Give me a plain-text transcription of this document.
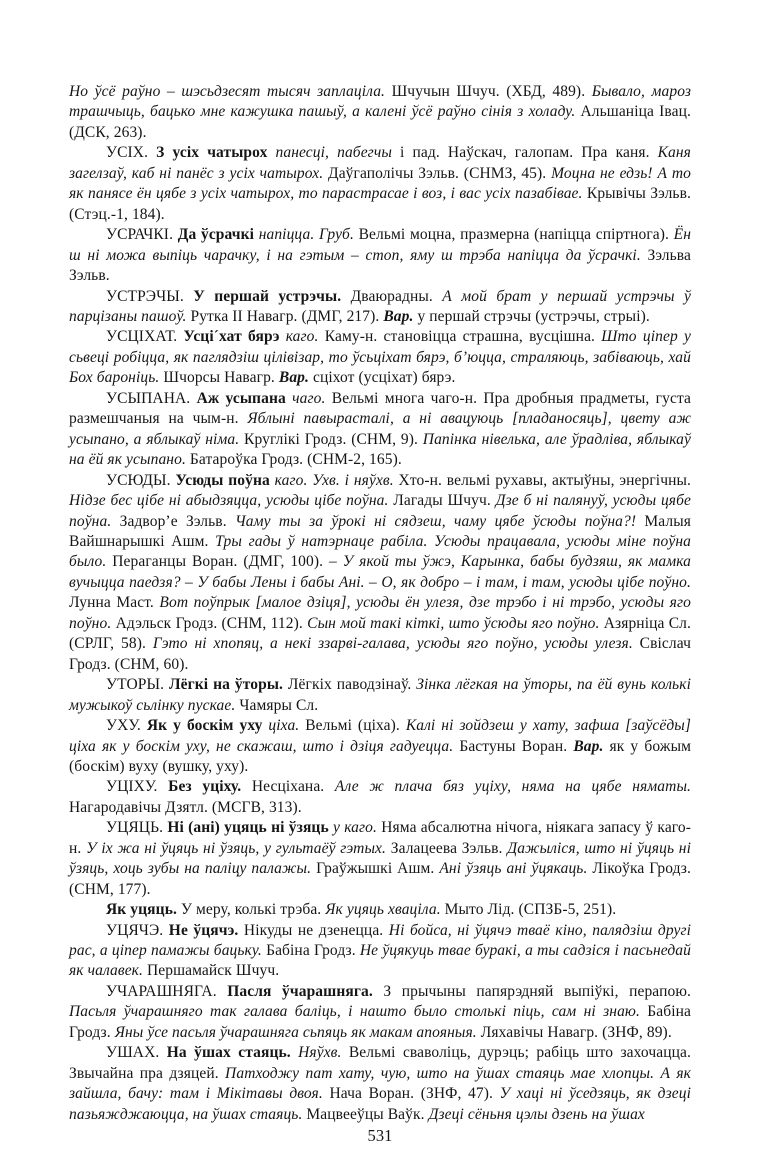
Но ўсё раўно – шэсьдзесят тысяч заплаціла. Шчучын Шчуч. (ХБД, 489). Бывало, мароз трашчыць, бацько мне кажушка пашыў, а калені ўсё раўно сінія з холаду. Альшаніца Івац. (ДСК, 263).

УСІХ. З усіх чатырох панесці, пабегчы і пад. Наўскач, галопам. Пра каня. Каня загелзаў, каб ні панёс з усіх чатырох. Даўгаполічы Зэльв. (СНМЗ, 45). Моцна не едзь! А то як панясе ён цябе з усіх чатырох, то парастрасае і воз, і вас усіх пазабівае. Крывічы Зэльв. (Стэц.-1, 184).

УСРАЧКІ. Да ўсрачкі напіцца. Груб. Вельмі моцна, празмерна (напіцца спіртнога). Ён ш ні можа выпіць чарачку, і на гэтым – стоп, яму ш трэба напіцца да ўсрачкі. Зэльва Зэльв.

УСТРЭЧЫ. У першай устрэчы. Дваюрадны. А мой брат у першай устрэчы ў парцізаны пашоў. Рутка ІІ Навагр. (ДМГ, 217). Вар. у першай стрэчы (устрэчы, стрыі).

УСЦІХАТ. Усці´хат бярэ каго. Каму-н. становіцца страшна, вусцішна. Што ціпер у сьвеці робіцца, як паглядзіш цілівізар, то ўсьціхат бярэ, б’юцца, страляюць, забіваюць, хай Бох бароніць. Шчорсы Навагр. Вар. сціхот (усціхат) бярэ.

УСЫПАНА. Аж усыпана чаго. Вельмі многа чаго-н. Пра дробныя прадметы, густа размешчаныя на чым-н. Яблыні павырасталі, а ні авацуюць [пладаносяць], цвету аж усыпано, а яблыкаў німа. Круглікі Гродз. (СНМ, 9). Папінка нівелька, але ўрадліва, яблыкаў на ёй як усыпано. Батароўка Гродз. (СНМ-2, 165).

УСЮДЫ. Усюды поўна каго. Ухв. і няўхв. Хто-н. вельмі рухавы, актыўны, энергічны. Нідзе бес цібе ні абыдзяцца, усюды цібе поўна. Лагады Шчуч. Дзе б ні палянуў, усюды цябе поўна. Задвор’е Зэльв. Чаму ты за ўрокі ні сядзеш, чаму цябе ўсюды поўна?! Малыя Вайшнарышкі Ашм. Тры гады ў натэрнаце рабіла. Усюды працавала, усюды міне поўна было. Пераганцы Воран. (ДМГ, 100). – У якой ты ўжэ, Карынка, бабы будзяш, як мамка вучыцца паедзя? – У бабы Лены і бабы Ані. – О, як добро – і там, і там, усюды цібе поўно. Лунна Маст. Вот поўпрык [малое дзіця], усюды ён улезя, дзе трэбо і ні трэбо, усюды яго поўно. Адэльск Гродз. (СНМ, 112). Сын мой такі кіткі, што ўсюды яго поўно. Азярніца Сл. (СРЛГ, 58). Гэто ні хпопяц, а некі ззарві-галава, усюды яго поўно, усюды улезя. Свіслач Гродз. (СНМ, 60).

УТОРЫ. Лёгкі на ўторы. Лёгкіх паводзінаў. Зінка лёгкая на ўторы, па ёй вунь колькі мужыкоў сьлінку пускае. Чамяры Сл.

УХУ. Як у боскім уху ціха. Вельмі (ціха). Калі ні зойдзеш у хату, зафша [заўсёды] ціха як у боскім уху, не скажаш, што і дзіця гадуецца. Бастуны Воран. Вар. як у божым (боскім) вуху (вушку, уху).

УЦІХУ. Без уціху. Несціхана. Але ж плача бяз уціху, няма на цябе няматы. Нагародавічы Дзятл. (МСГВ, 313).

УЦЯЦЬ. Ні (ані) уцяць ні ўзяць у каго. Няма абсалютна нічога, ніякага запасу ў каго-н. У іх жа ні ўцяць ні ўзяць, у гультаёў гэтых. Залацеева Зэльв. Дажыліся, што ні ўцяць ні ўзяць, хоць зубы на паліцу палажы. Граўжышкі Ашм. Ані ўзяць ані ўцякаць. Лікоўка Гродз. (СНМ, 177).

Як уцяць. У меру, колькі трэба. Як уцяць хваціла. Мыто Лід. (СПЗБ-5, 251).

УЦЯЧЭ. Не ўцячэ. Нікуды не дзенецца. Ні бойса, ні ўцячэ тваё кіно, палядзіш другі рас, а ціпер памажы бацьку. Бабіна Гродз. Не ўцякуць твае буракі, а ты садзіся і пасьнедай як чалавек. Першамайск Шчуч.

УЧАРАШНЯГА. Пасля ўчарашняга. З прычыны папярэдняй выпіўкі, перапою. Пасьля ўчарашняго так галава баліць, і нашто было столькі піць, сам ні знаю. Бабіна Гродз. Яны ўсе пасьля ўчарашняга сьпяць як макам апояныя. Ляхавічы Навагр. (ЗНФ, 89).

УШАХ. На ўшах стаяць. Няўхв. Вельмі сваволіць, дурэць; рабіць што захочацца. Звычайна пра дзяцей. Патходжу пат хату, чую, што на ўшах стаяць мае хлопцы. А як зайшла, бачу: там і Мікітавы двоя. Нача Воран. (ЗНФ, 47). У хаці ні ўседзяць, як дзеці пазьяжджаюцца, на ўшах стаяць. Мацвееўцы Ваўк. Дзеці сёньня цэлы дзень на ўшах

531
